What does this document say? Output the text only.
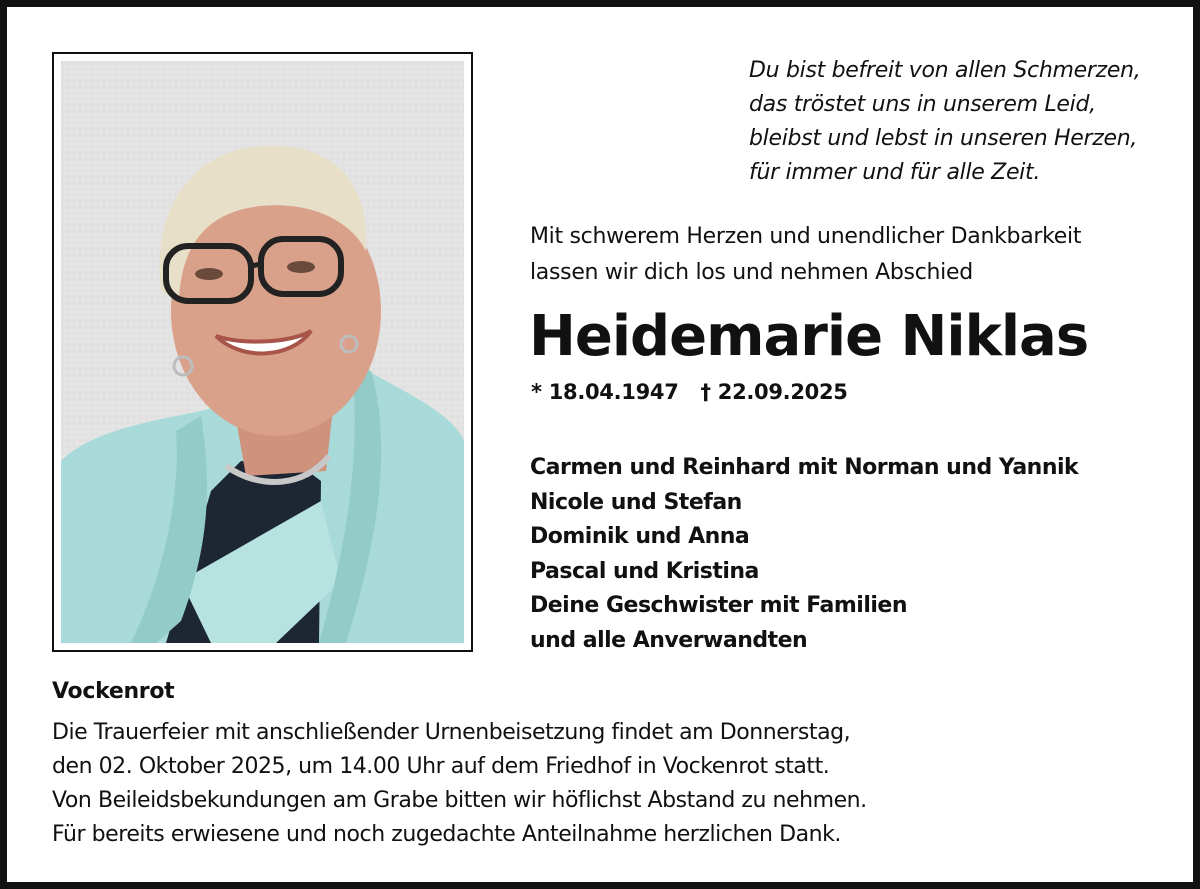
Du bist befreit von allen Schmerzen,
das tröstet uns in unserem Leid,
bleibst und lebst in unseren Herzen,
für immer und für alle Zeit.
Mit schwerem Herzen und unendlicher Dankbarkeit
lassen wir dich los und nehmen Abschied
Heidemarie Niklas
* 18.04.1947 † 22.09.2025
Carmen und Reinhard mit Norman und Yannik
Nicole und Stefan
Dominik und Anna
Pascal und Kristina
Deine Geschwister mit Familien
und alle Anverwandten
Vockenrot
Die Trauerfeier mit anschließender Urnenbeisetzung findet am Donnerstag,
den 02. Oktober 2025, um 14.00 Uhr auf dem Friedhof in Vockenrot statt.
Von Beileidsbekundungen am Grabe bitten wir höflichst Abstand zu nehmen.
Für bereits erwiesene und noch zugedachte Anteilnahme herzlichen Dank.
